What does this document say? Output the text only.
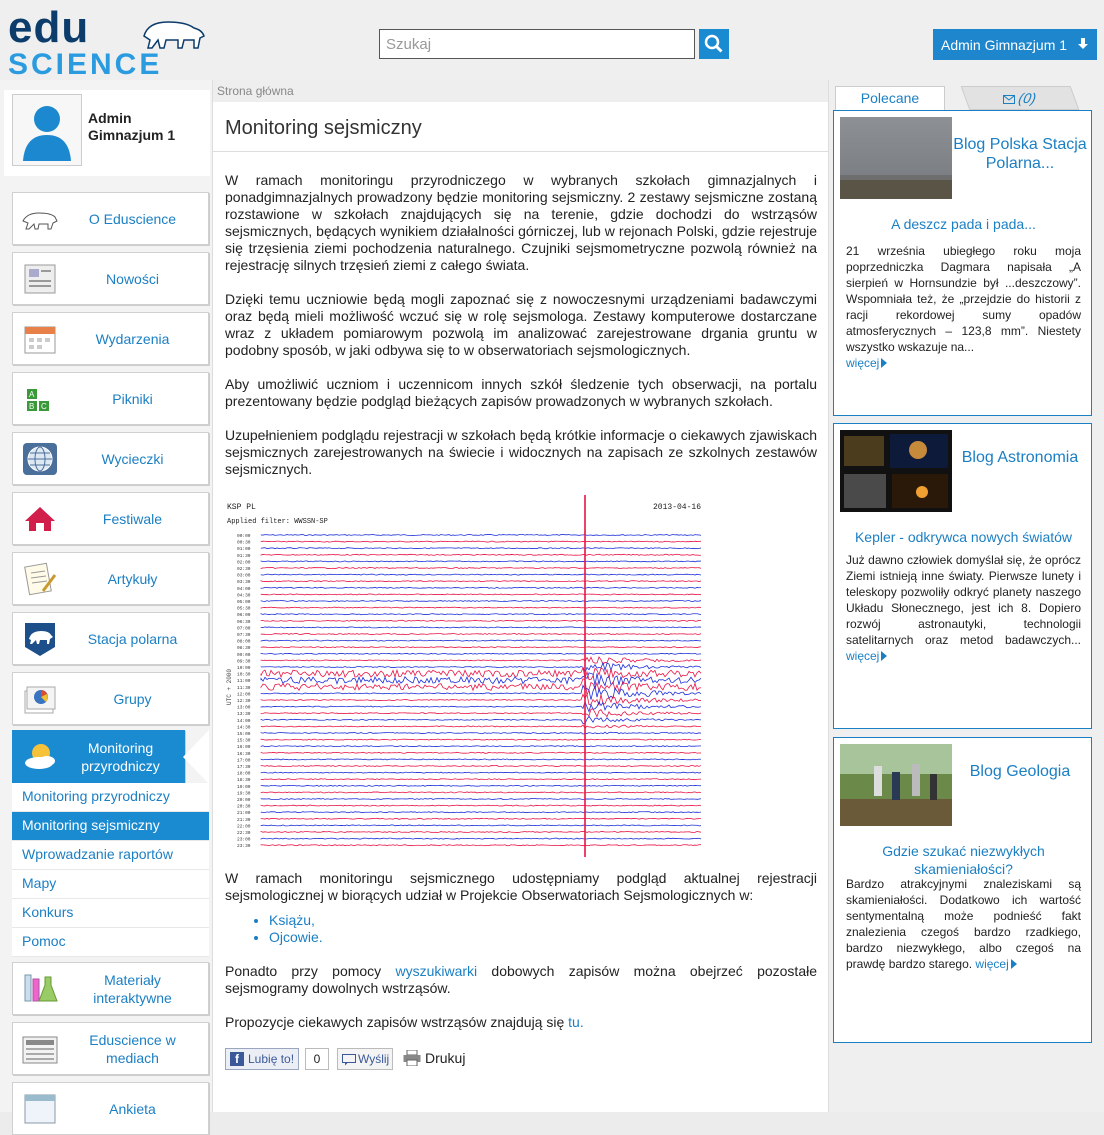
edu
SCIENCE
Szukaj	Admin Gimnazjum 1
Admin Gimnazjum 1
O Eduscience
Nowości
Wydarzenia
A
B C	Pikniki
Wycieczki
Festiwale
Artykuły
Stacja polarna
Grupy
Monitoring przyrodniczy
Monitoring przyrodniczy
Monitoring sejsmiczny
Wprowadzanie raportów
Mapy
Konkurs
Pomoc
Materiały interaktywne
Eduscience w mediach
Ankieta
Strona główna
Monitoring sejsmiczny

W ramach monitoringu przyrodniczego w wybranych szkołach gimnazjalnych i ponadgimnazjalnych prowadzony będzie monitoring sejsmiczny. 2 zestawy sejsmiczne zostaną rozstawione w szkołach znajdujących się na terenie, gdzie dochodzi do wstrząsów sejsmicznych, będących wynikiem działalności górniczej, lub w rejonach Polski, gdzie rejestruje się trzęsienia ziemi pochodzenia naturalnego. Czujniki sejsmometryczne pozwolą również na rejestrację silnych trzęsień ziemi z całego świata.

Dzięki temu uczniowie będą mogli zapoznać się z nowoczesnymi urządzeniami badawczymi oraz będą mieli możliwość wczuć się w rolę sejsmologa. Zestawy komputerowe dostarczane wraz z układem pomiarowym pozwolą im analizować zarejestrowane drgania gruntu w podobny sposób, w jaki odbywa się to w obserwatoriach sejsmologicznych.

Aby umożliwić uczniom i uczennicom innych szkół śledzenie tych obserwacji, na portalu prezentowany będzie podgląd bieżących zapisów prowadzonych w wybranych szkołach.

Uzupełnieniem podglądu rejestracji w szkołach będą krótkie informacje o ciekawych zjawiskach sejsmicznych zarejestrowanych na świecie i widocznych na zapisach ze szkolnych zestawów sejsmicznych.

KSP PL	2013-04-16
Applied filter: WWSSN-SP
UTC + 2000
00:00
00:30
01:00
01:30
02:00
02:30
03:00
03:30
04:00
04:30
05:00
05:30
06:00
06:30
07:00
07:30
08:00
08:30
09:00
09:30
10:00
10:30
11:00
11:30
12:00
12:30
13:00
13:30
14:00
14:30
15:00
15:30
16:00
16:30
17:00
17:30
18:00
18:30
19:00
19:30
20:00
20:30
21:00
21:30
22:00
22:30
23:00
23:30

W ramach monitoringu sejsmicznego udostępniamy podgląd aktualnej rejestracji sejsmologicznej w biorących udział w Projekcie Obserwatoriach Sejsmologicznych w:

• Książu,
• Ojcowie.

Ponadto przy pomocy wyszukiwarki dobowych zapisów można obejrzeć pozostałe sejsmogramy dowolnych wstrząsów.

Propozycje ciekawych zapisów wstrząsów znajdują się tu.

f Lubię to!	0	Wyślij	Drukuj
Polecane	(0)
Blog Polska Stacja Polarna...
A deszcz pada i pada...
21 września ubiegłego roku moja poprzedniczka Dagmara napisała „A sierpień w Hornsundzie był ...deszczowy”. Wspomniała też, że „przejdzie do historii z racji rekordowej sumy opadów atmosferycznych – 123,8 mm”. Niestety wszystko wskazuje na...
więcej
Blog Astronomia
Kepler - odkrywca nowych światów
Już dawno człowiek domyślał się, że oprócz Ziemi istnieją inne światy. Pierwsze lunety i teleskopy pozwoliły odkryć planety naszego Układu Słonecznego, jest ich 8. Dopiero rozwój astronautyki, technologii satelitarnych oraz metod badawczych... więcej
Blog Geologia
Gdzie szukać niezwykłych skamieniałości?
Bardzo atrakcyjnymi znaleziskami są skamieniałości. Dodatkowo ich wartość sentymentalną może podnieść fakt znalezienia czegoś bardzo rzadkiego, bardzo niezwykłego, albo czegoś na prawdę bardzo starego. więcej
